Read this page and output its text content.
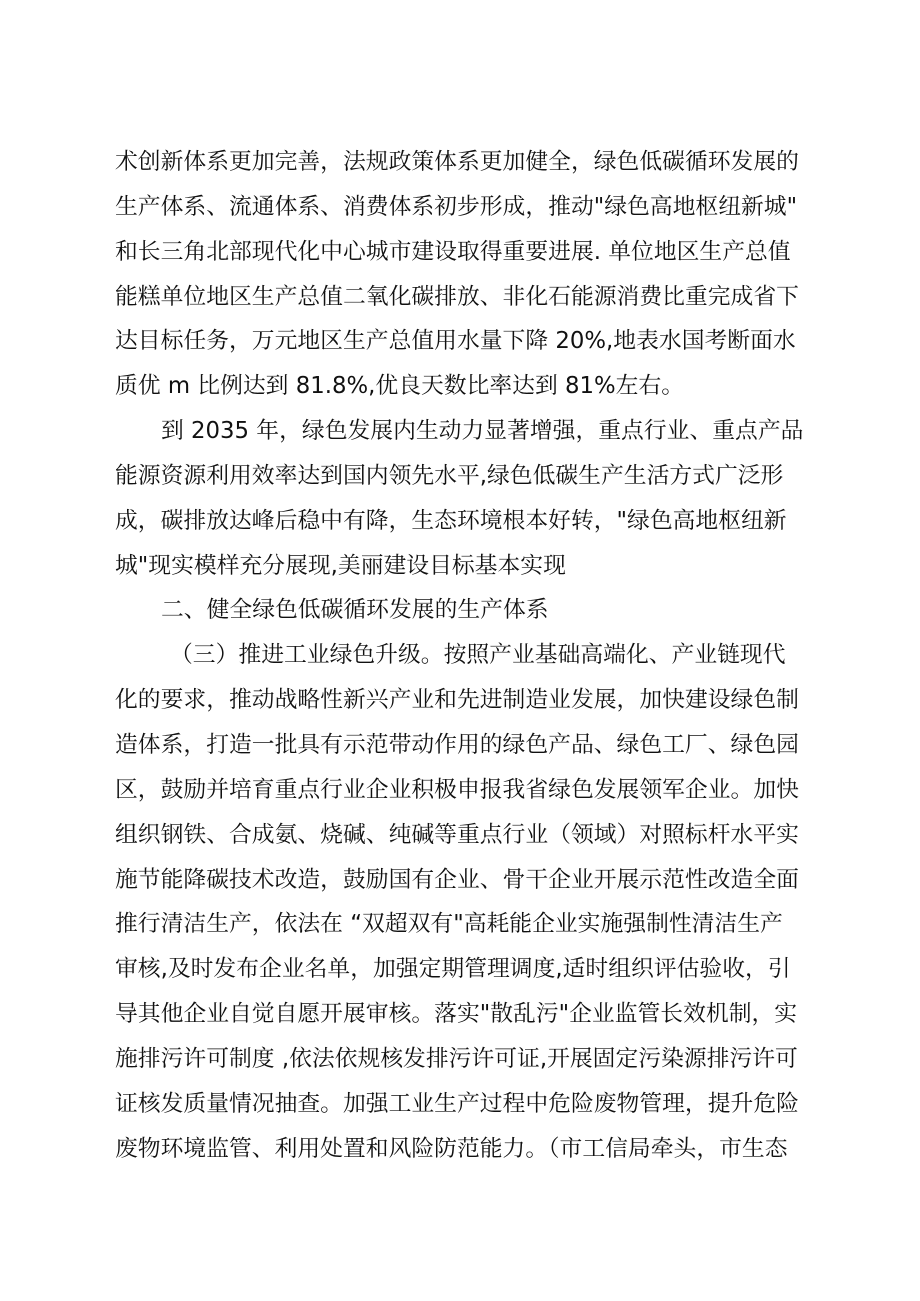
术创新体系更加完善，法规政策体系更加健全，绿色低碳循环发展的
生产体系、流通体系、消费体系初步形成，推动"绿色高地枢纽新城"
和长三角北部现代化中心城市建设取得重要进展. 单位地区生产总值
能糕单位地区生产总值二氧化碳排放、非化石能源消费比重完成省下
达目标任务，万元地区生产总值用水量下降 20%,地表水国考断面水
质优 m 比例达到 81.8%,优良天数比率达到 81%左右。
到 2035 年，绿色发展内生动力显著增强，重点行业、重点产品
能源资源利用效率达到国内领先水平,绿色低碳生产生活方式广泛形
成，碳排放达峰后稳中有降，生态环境根本好转，"绿色高地枢纽新
城"现实模样充分展现,美丽建设目标基本实现
二、健全绿色低碳循环发展的生产体系
（三）推进工业绿色升级。按照产业基础高端化、产业链现代
化的要求，推动战略性新兴产业和先进制造业发展，加快建设绿色制
造体系，打造一批具有示范带动作用的绿色产品、绿色工厂、绿色园
区，鼓励并培育重点行业企业积极申报我省绿色发展领军企业。加快
组织钢铁、合成氨、烧碱、纯碱等重点行业（领域）对照标杆水平实
施节能降碳技术改造，鼓励国有企业、骨干企业开展示范性改造全面
推行清洁生产，依法在 “双超双有"高耗能企业实施强制性清洁生产
审核,及时发布企业名单，加强定期管理调度,适时组织评估验收，引
导其他企业自觉自愿开展审核。落实"散乱污"企业监管长效机制，实
施排污许可制度 ,依法依规核发排污许可证,开展固定污染源排污许可
证核发质量情况抽查。加强工业生产过程中危险废物管理，提升危险
废物环境监管、利用处置和风险防范能力。（市工信局牵头，市生态
